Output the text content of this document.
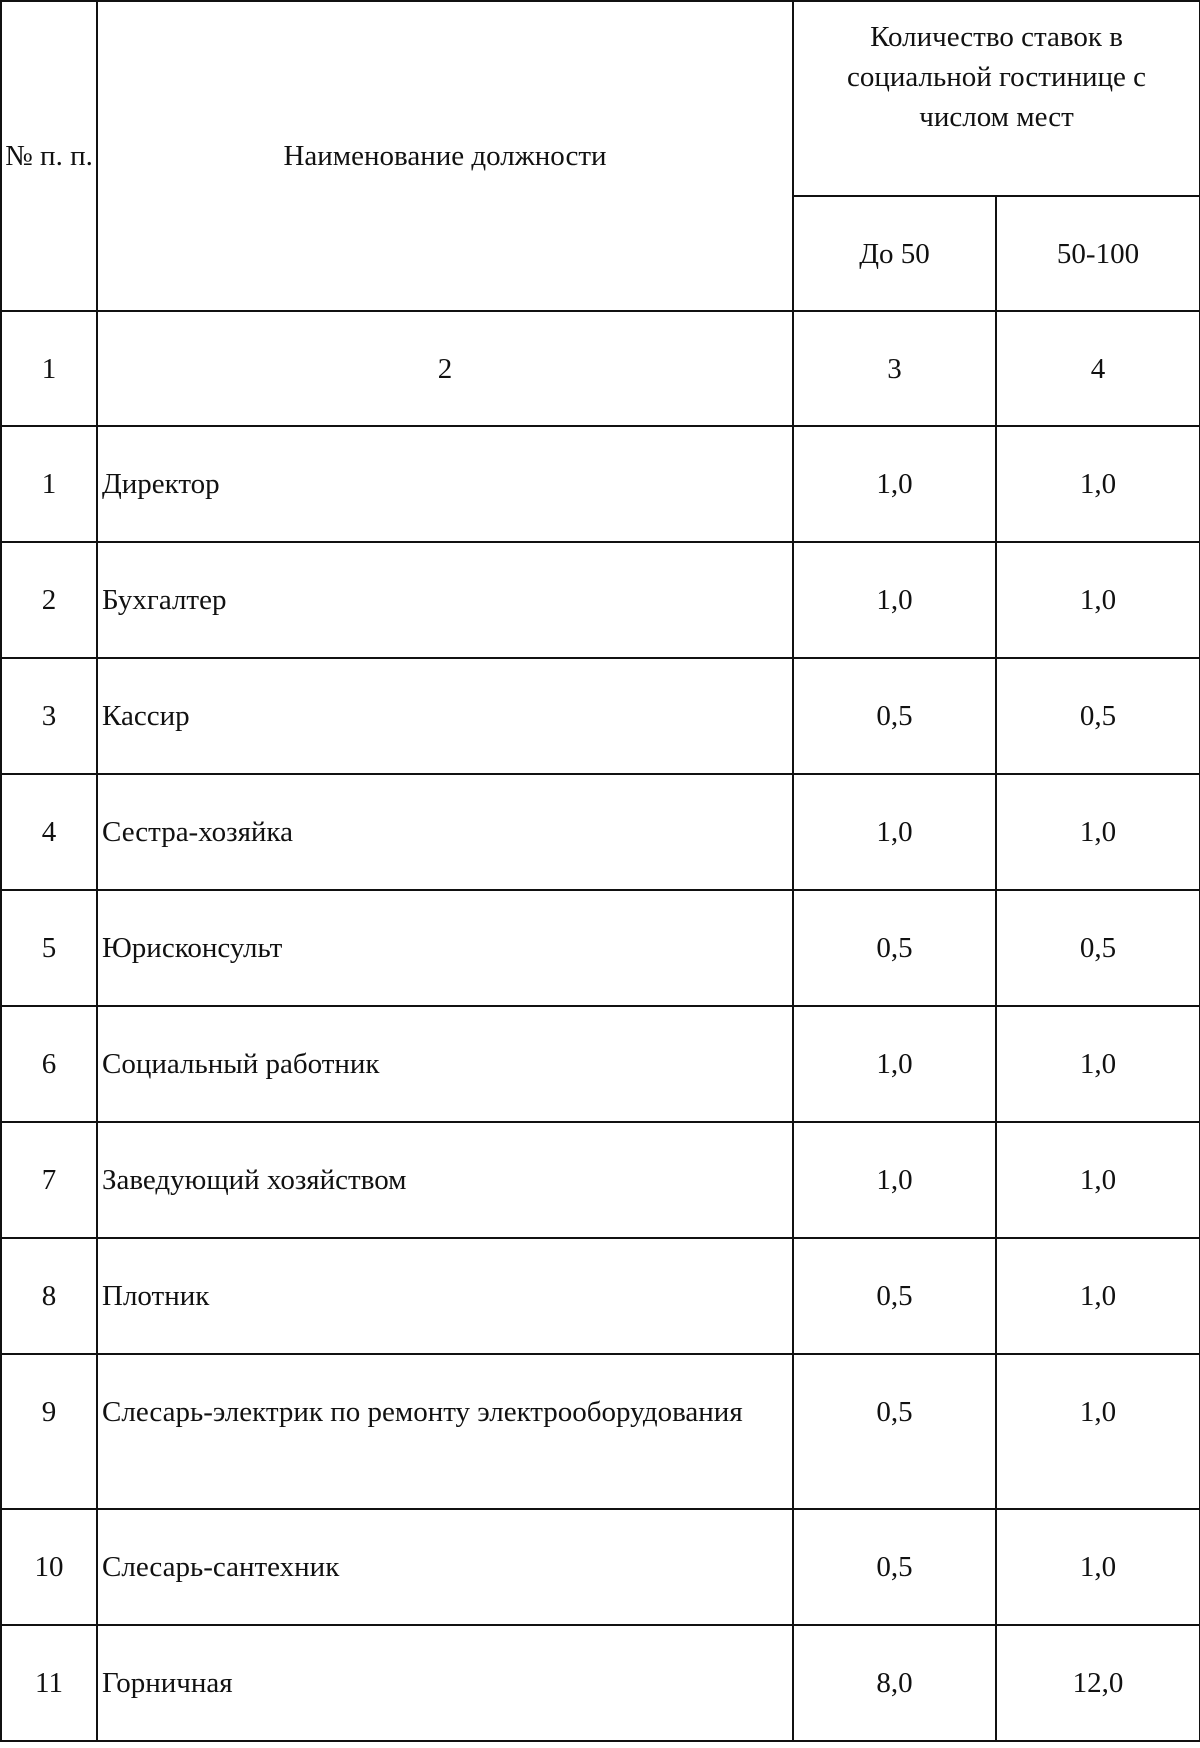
№ п. п.	Наименование должности	Количество ставок в социальной гостинице с числом мест	

		До 50	50-100
1	2	3	4
1	Директор	1,0	1,0
2	Бухгалтер	1,0	1,0
3	Кассир	0,5	0,5
4	Сестра-хозяйка	1,0	1,0
5	Юрисконсульт	0,5	0,5
6	Социальный работник	1,0	1,0
7	Заведующий хозяйством	1,0	1,0
8	Плотник	0,5	1,0
9	Слесарь-электрик по ремонту электрооборудования	0,5	1,0
10	Слесарь-сантехник	0,5	1,0
11	Горничная	8,0	12,0
